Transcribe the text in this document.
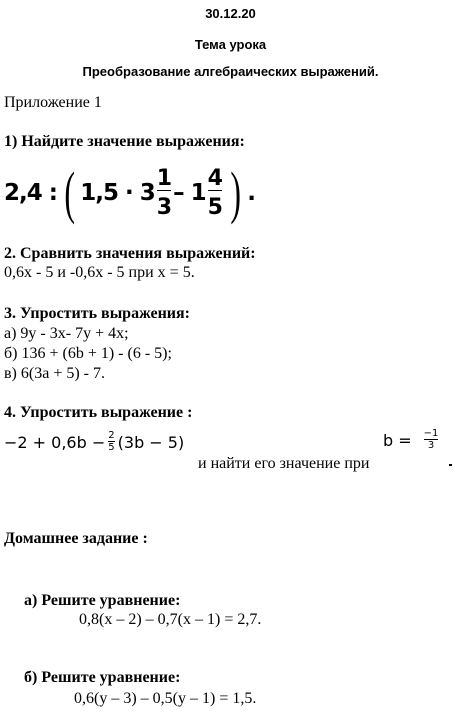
30.12.20
Тема урока
Преобразование алгебраических выражений.
Приложение 1
1) Найдите значение выражения:
2,4 : ( $1,5 \cdot 3 \frac{1}{3} - 1 \frac{4}{5}$ ) .
2. Сравнить значения выражений:
0,6x - 5 и -0,6x - 5 при x = 5.
3. Упростить выражения:
а) 9y - 3x- 7y + 4x;
б) 136 + (6b + 1) - (6 - 5);
в) 6(3a + 5) - 7.
4. Упростить выражение :
$-2 + 0,6b - \frac{2}{5} (3b - 5)$	$b = \frac{-1}{3}$
и найти его значение при
Домашнее задание :
а) Решите уравнение:
0,8(x – 2) – 0,7(x – 1) = 2,7.
б) Решите уравнение:
0,6(y – 3) – 0,5(y – 1) = 1,5.
